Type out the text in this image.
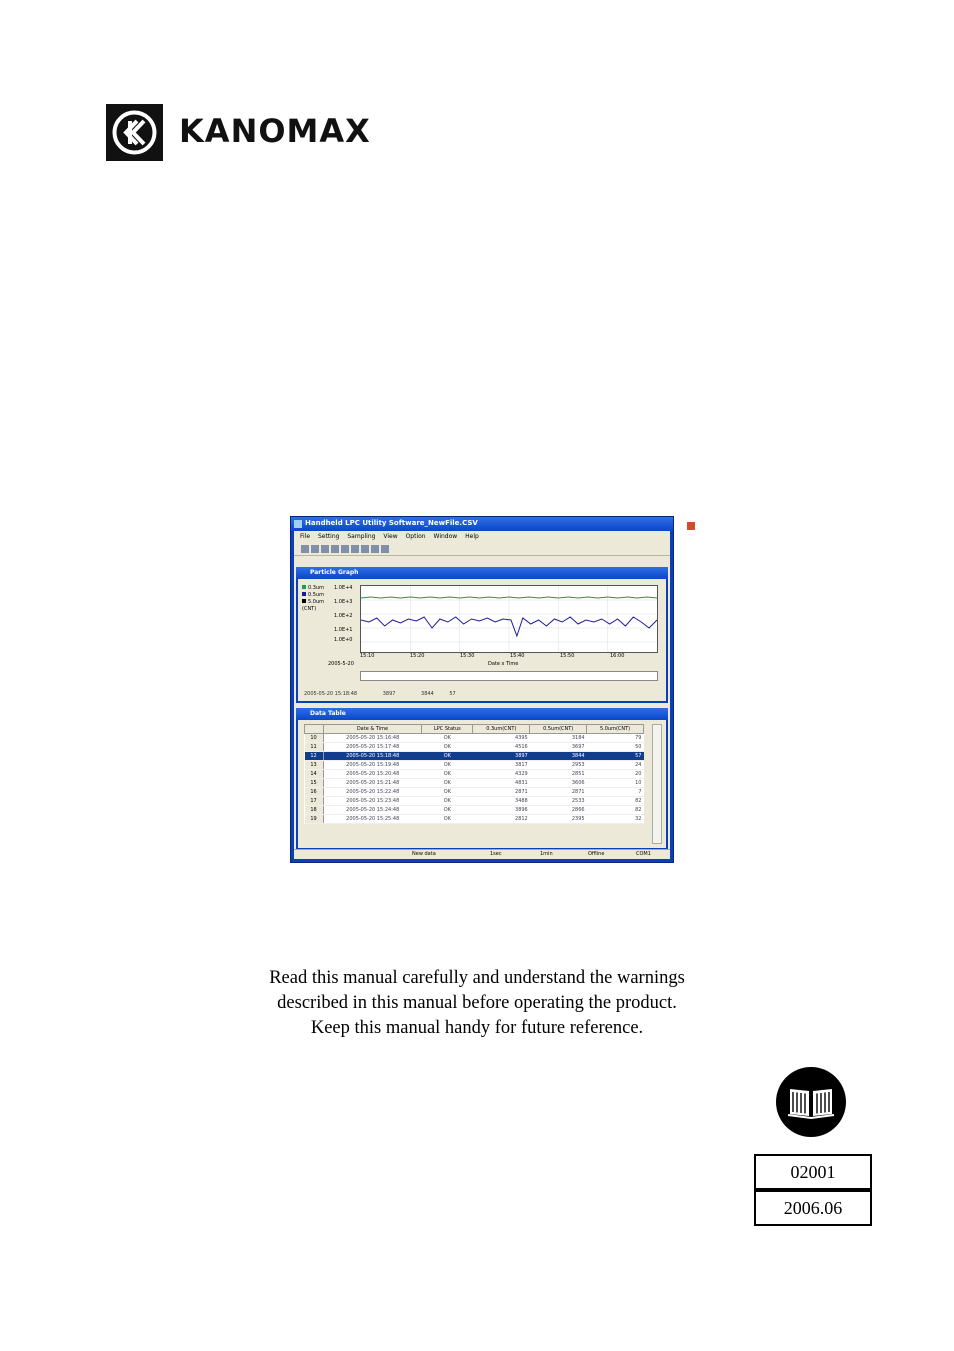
KANOMAX
Handheld LPC Utility Software_NewFile.CSV
File Setting Sampling View Option Window Help
Particle Graph
0.3um
0.5um
5.0um
(CNT)
1.0E+4
1.0E+3
1.0E+2
1.0E+1
1.0E+0
15:10	15:20	15:30	15:40	15:50	16:00
2005-5-20	Date x Time
2005-05-20 15:18:48	3897	3844	57
Data Table
	Date & Time	LPC Status	0.3um(CNT)	0.5um(CNT)	5.0um(CNT)
10	2005-05-20 15:16:48	OK	4395	3184	79
11	2005-05-20 15:17:48	OK	4516	3697	50
12	2005-05-20 15:18:48	OK	3897	3844	57
13	2005-05-20 15:19:48	OK	3817	2953	24
14	2005-05-20 15:20:48	OK	4329	2851	20
15	2005-05-20 15:21:48	OK	4831	3606	10
16	2005-05-20 15:22:48	OK	2871	2871	7
17	2005-05-20 15:23:48	OK	3488	2533	82
18	2005-05-20 15:24:48	OK	3896	2866	82
19	2005-05-20 15:25:48	OK	2812	2395	32
New data	1sec	1min	Offline	COM1
Read this manual carefully and understand the warnings
described in this manual before operating the product.
Keep this manual handy for future reference.
02001
2006.06
